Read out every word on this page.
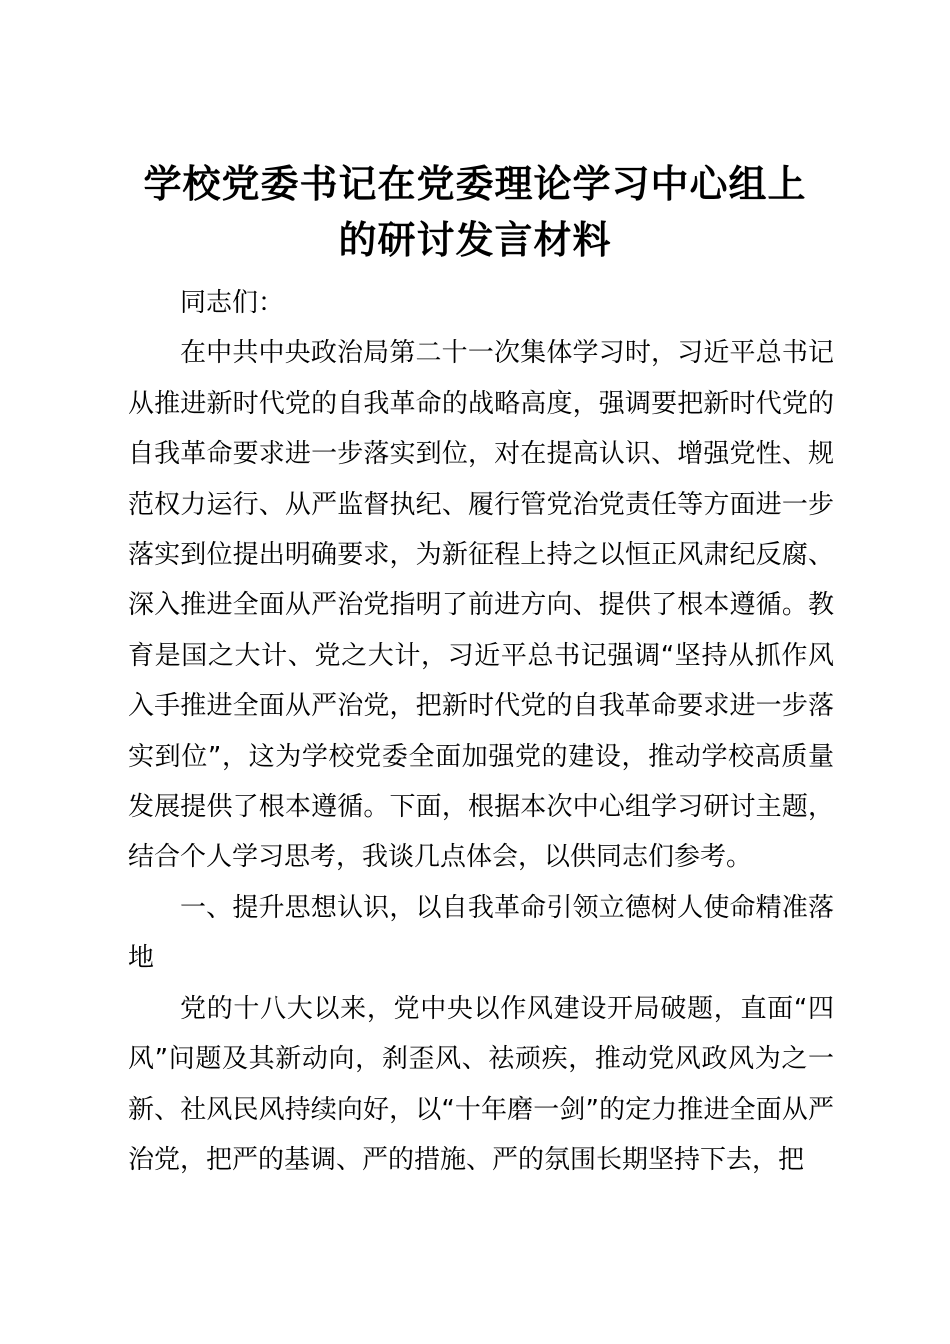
学校党委书记在党委理论学习中心组上
的研讨发言材料

同志们：

在中共中央政治局第二十一次集体学习时，习近平总书记从推进新时代党的自我革命的战略高度，强调要把新时代党的自我革命要求进一步落实到位，对在提高认识、增强党性、规范权力运行、从严监督执纪、履行管党治党责任等方面进一步落实到位提出明确要求，为新征程上持之以恒正风肃纪反腐、深入推进全面从严治党指明了前进方向、提供了根本遵循。教育是国之大计、党之大计，习近平总书记强调“坚持从抓作风入手推进全面从严治党，把新时代党的自我革命要求进一步落实到位”，这为学校党委全面加强党的建设，推动学校高质量发展提供了根本遵循。下面，根据本次中心组学习研讨主题，结合个人学习思考，我谈几点体会，以供同志们参考。

一、提升思想认识，以自我革命引领立德树人使命精准落地

党的十八大以来，党中央以作风建设开局破题，直面“四风”问题及其新动向，刹歪风、祛顽疾，推动党风政风为之一新、社风民风持续向好，以“十年磨一剑”的定力推进全面从严治党，把严的基调、严的措施、严的氛围长期坚持下去，把
